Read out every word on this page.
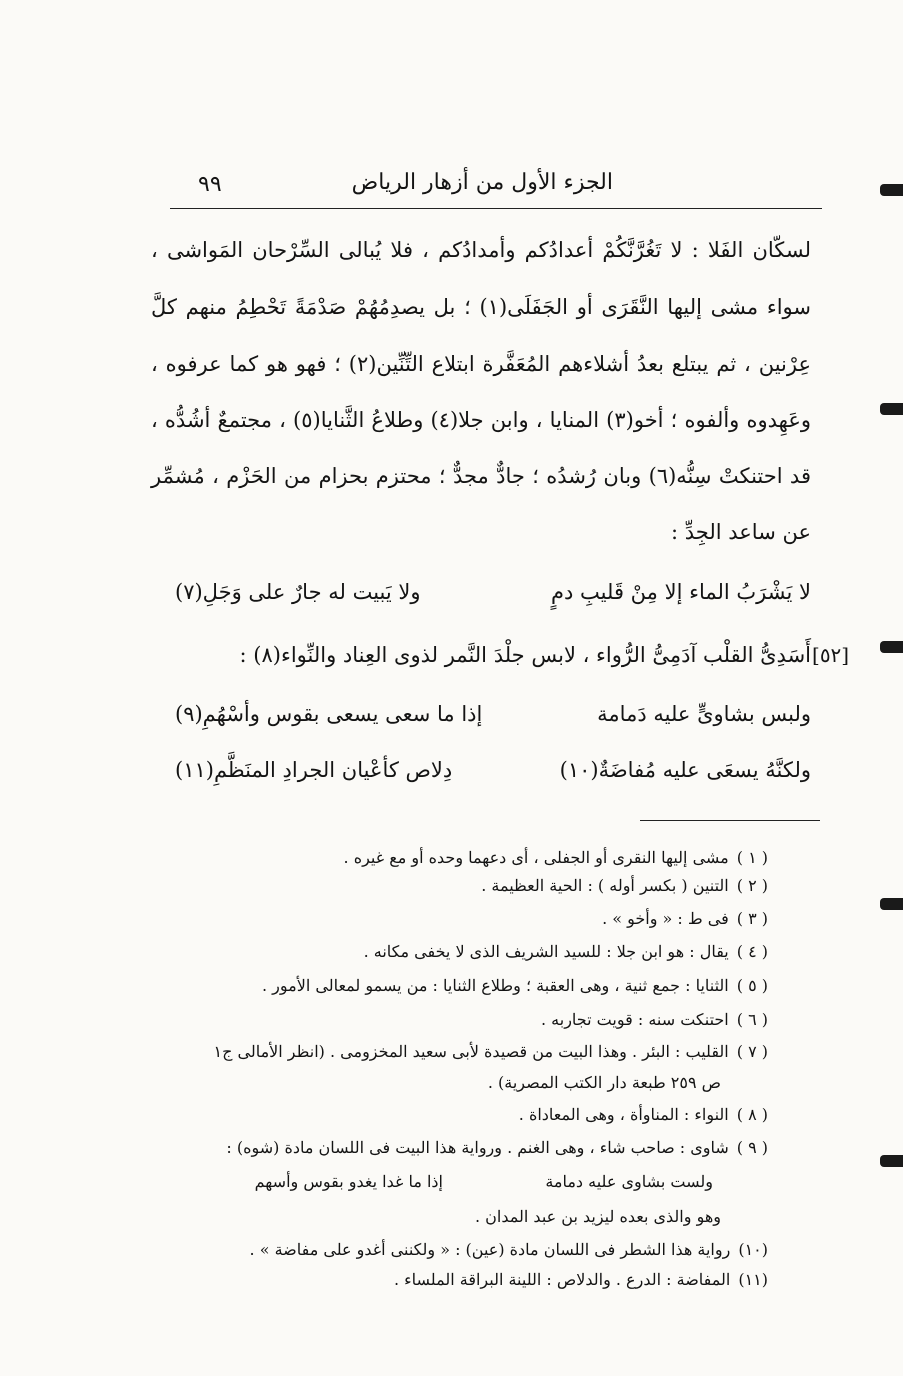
الجزء الأول من أزهار الرياض
٩٩
لسكّان الفَلا : لا تَغُرَّنَّكُمْ أعدادُكم وأمدادُكم ، فلا يُبالى السِّرْحان المَواشى ،
سواء مشى إليها النَّقَرَى أو الجَفَلَى(١) ؛ بل يصدِمُهُمْ صَدْمَةً تَحْطِمُ منهم كلَّ
عِرْنين ، ثم يبتلع بعدُ أشلاءهم المُعَفَّرة ابتلاع التِّنِّين(٢) ؛ فهو هو كما عرفوه ،
وعَهِدوه وألفوه ؛ أخو(٣) المنايا ، وابن جلا(٤) وطلاعُ الثَّنايا(٥) ، مجتمعٌ أشُدُّه ،
قد احتنكتْ سِنُّه(٦) وبان رُشدُه ؛ جادٌّ مجدٌّ ؛ محتزم بحزام من الحَزْم ، مُشمِّر
عن ساعد الجِدِّ :
لا يَشْرَبُ الماء إلا مِنْ قَليبِ دمٍ
ولا يَبيت له جارٌ على وَجَلِ(٧)
[٥٢]
أَسَدِىُّ القلْب آدَمِىُّ الرُّواء ، لابس جلْدَ النَّمر لذوى العِناد والنِّواء(٨) :
ولبس بشاوىٍّ عليه دَمامة
إذا ما سعى يسعى بقوس وأسْهُمِ(٩)
ولكنَّهُ يسعَى عليه مُفاضَةٌ(١٠)
دِلاص كأعْيان الجرادِ المنَظَّمِ(١١)
( ١ )مشى إليها النقرى أو الجفلى ، أى دعهما وحده أو مع غيره .
( ٢ )التنين ( بكسر أوله ) : الحية العظيمة .
( ٣ )فى ط : « وأخو » .
( ٤ )يقال : هو ابن جلا : للسيد الشريف الذى لا يخفى مكانه .
( ٥ )الثنايا : جمع ثنية ، وهى العقبة ؛ وطلاع الثنايا : من يسمو لمعالى الأمور .
( ٦ )احتنكت سنه : قويت تجاربه .
( ٧ )القليب : البئر . وهذا البيت من قصيدة لأبى سعيد المخزومى . (انظر الأمالى ج١
ص ٢٥٩ طبعة دار الكتب المصرية) .
( ٨ )النواء : المناوأة ، وهى المعاداة .
( ٩ )شاوى : صاحب شاء ، وهى الغنم . ورواية هذا البيت فى اللسان مادة (شوه) :
ولست بشاوى عليه دمامة
إذا ما غدا يغدو بقوس وأسهم
وهو والذى بعده ليزيد بن عبد المدان .
(١٠)رواية هذا الشطر فى اللسان مادة (عين) : « ولكننى أغدو على مفاضة » .
(١١)المفاضة : الدرع . والدلاص : اللينة البراقة الملساء .
